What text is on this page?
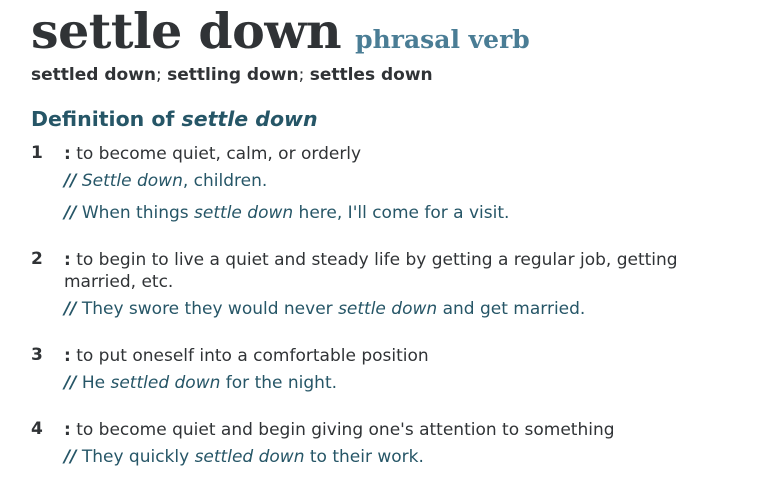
settle down phrasal verb
settled down; settling down; settles down
Definition of settle down
1 : to become quiet, calm, or orderly
// Settle down, children.
// When things settle down here, I'll come for a visit.
2 : to begin to live a quiet and steady life by getting a regular job, getting married, etc.
// They swore they would never settle down and get married.
3 : to put oneself into a comfortable position
// He settled down for the night.
4 : to become quiet and begin giving one's attention to something
// They quickly settled down to their work.
